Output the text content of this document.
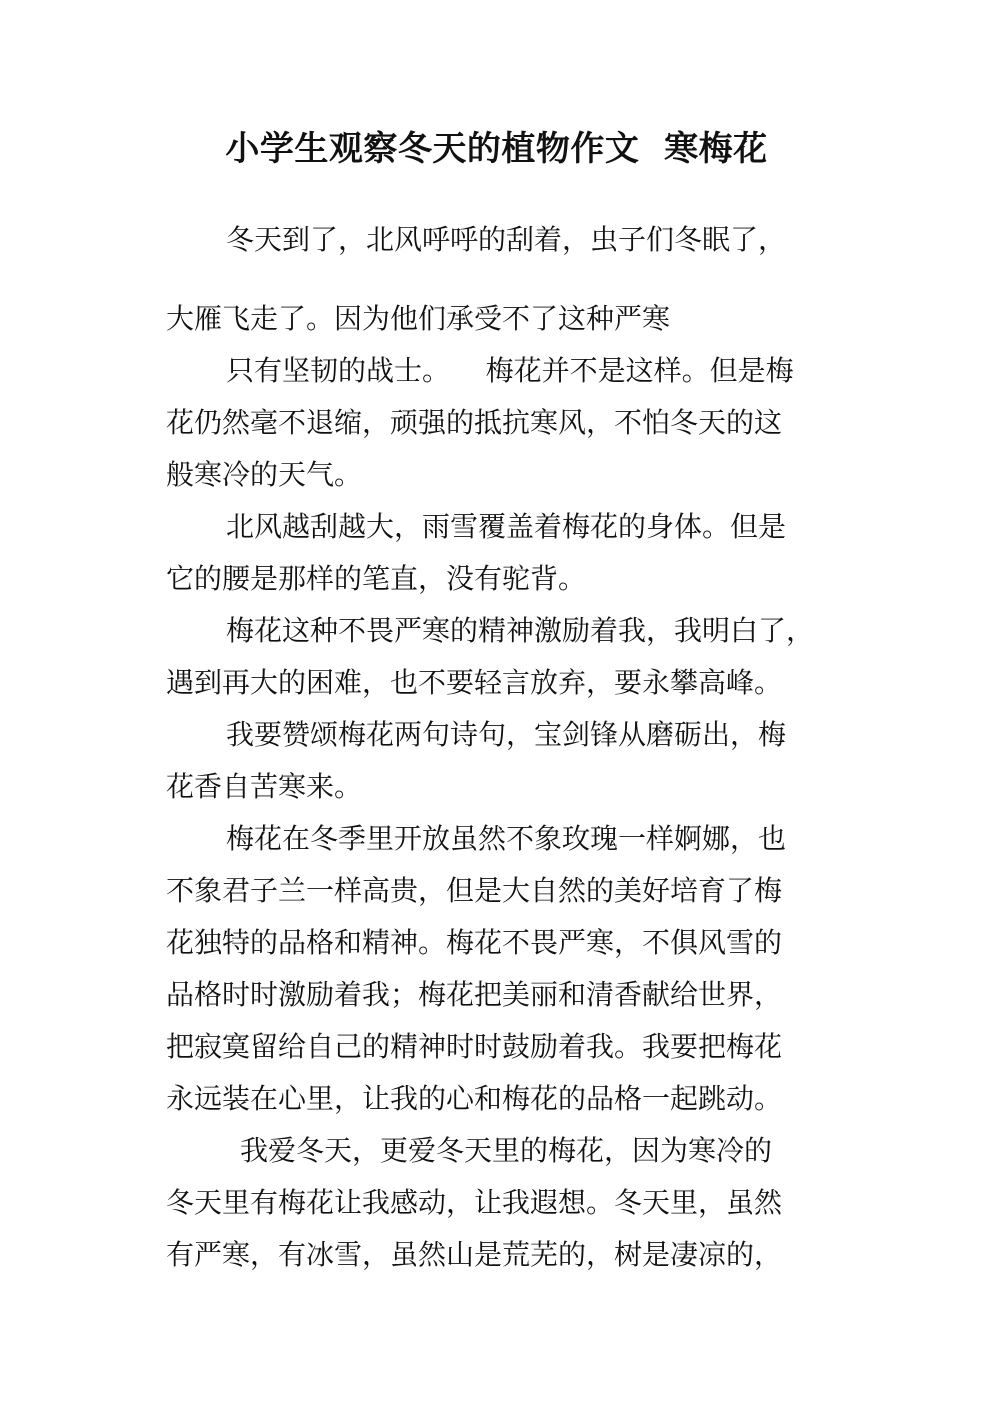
小学生观察冬天的植物作文  寒梅花
冬天到了，北风呼呼的刮着，虫子们冬眠了，
大雁飞走了。因为他们承受不了这种严寒
只有坚韧的战士。    梅花并不是这样。但是梅
花仍然毫不退缩，顽强的抵抗寒风，不怕冬天的这
般寒冷的天气。
北风越刮越大，雨雪覆盖着梅花的身体。但是
它的腰是那样的笔直，没有驼背。
梅花这种不畏严寒的精神激励着我，我明白了，
遇到再大的困难，也不要轻言放弃，要永攀高峰。
我要赞颂梅花两句诗句，宝剑锋从磨砺出，梅
花香自苦寒来。
梅花在冬季里开放虽然不象玫瑰一样婀娜，也
不象君子兰一样高贵，但是大自然的美好培育了梅
花独特的品格和精神。梅花不畏严寒，不俱风雪的
品格时时激励着我；梅花把美丽和清香献给世界，
把寂寞留给自己的精神时时鼓励着我。我要把梅花
永远装在心里，让我的心和梅花的品格一起跳动。
我爱冬天，更爱冬天里的梅花，因为寒冷的
冬天里有梅花让我感动，让我遐想。冬天里，虽然
有严寒，有冰雪，虽然山是荒芜的，树是凄凉的，
